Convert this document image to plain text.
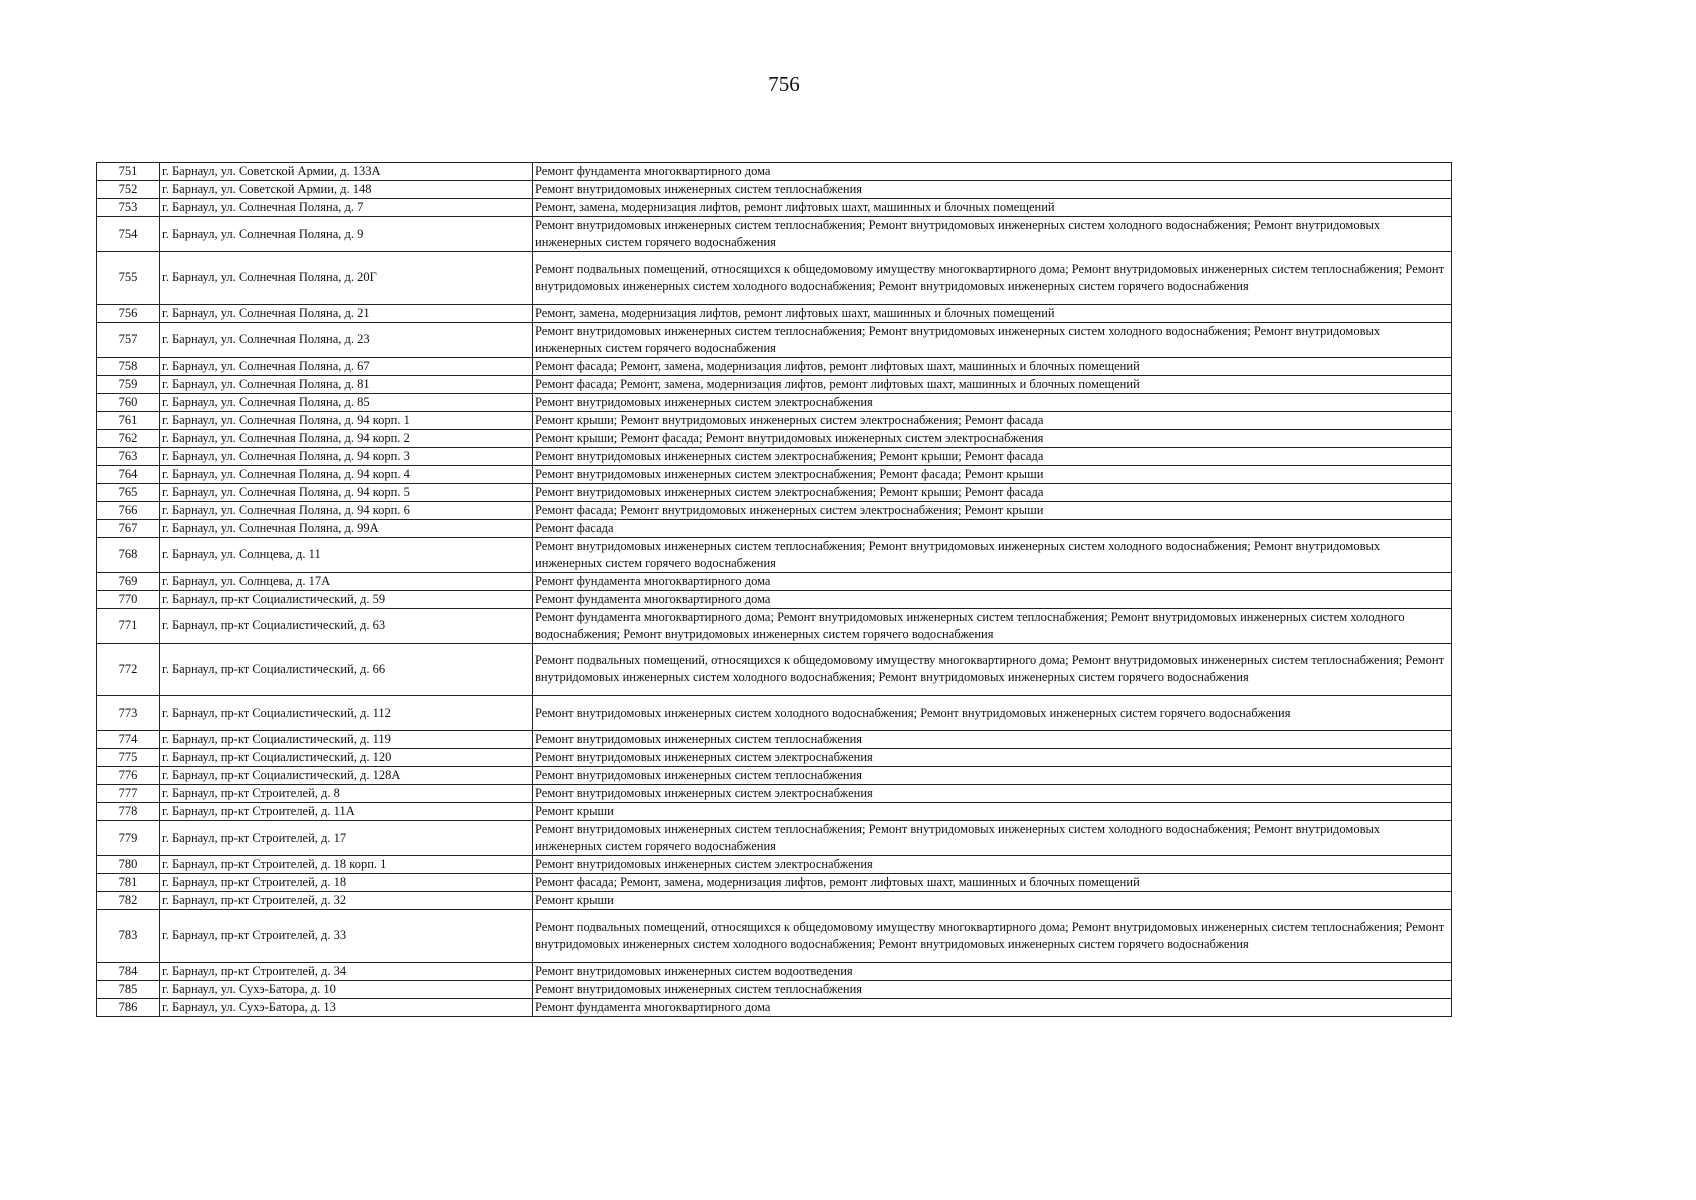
756
751	г. Барнаул, ул. Советской Армии, д. 133А	Ремонт фундамента многоквартирного дома
752	г. Барнаул, ул. Советской Армии, д. 148	Ремонт внутридомовых инженерных систем теплоснабжения
753	г. Барнаул, ул. Солнечная Поляна, д. 7	Ремонт, замена, модернизация лифтов, ремонт лифтовых шахт, машинных и блочных помещений
754	г. Барнаул, ул. Солнечная Поляна, д. 9	Ремонт внутридомовых инженерных систем теплоснабжения; Ремонт внутридомовых инженерных систем холодного водоснабжения; Ремонт внутридомовых инженерных систем горячего водоснабжения
755	г. Барнаул, ул. Солнечная Поляна, д. 20Г	Ремонт подвальных помещений, относящихся к общедомовому имуществу многоквартирного дома; Ремонт внутридомовых инженерных систем теплоснабжения; Ремонт внутридомовых инженерных систем холодного водоснабжения; Ремонт внутридомовых инженерных систем горячего водоснабжения
756	г. Барнаул, ул. Солнечная Поляна, д. 21	Ремонт, замена, модернизация лифтов, ремонт лифтовых шахт, машинных и блочных помещений
757	г. Барнаул, ул. Солнечная Поляна, д. 23	Ремонт внутридомовых инженерных систем теплоснабжения; Ремонт внутридомовых инженерных систем холодного водоснабжения; Ремонт внутридомовых инженерных систем горячего водоснабжения
758	г. Барнаул, ул. Солнечная Поляна, д. 67	Ремонт фасада; Ремонт, замена, модернизация лифтов, ремонт лифтовых шахт, машинных и блочных помещений
759	г. Барнаул, ул. Солнечная Поляна, д. 81	Ремонт фасада; Ремонт, замена, модернизация лифтов, ремонт лифтовых шахт, машинных и блочных помещений
760	г. Барнаул, ул. Солнечная Поляна, д. 85	Ремонт внутридомовых инженерных систем электроснабжения
761	г. Барнаул, ул. Солнечная Поляна, д. 94 корп. 1	Ремонт крыши; Ремонт внутридомовых инженерных систем электроснабжения; Ремонт фасада
762	г. Барнаул, ул. Солнечная Поляна, д. 94 корп. 2	Ремонт крыши; Ремонт фасада; Ремонт внутридомовых инженерных систем электроснабжения
763	г. Барнаул, ул. Солнечная Поляна, д. 94 корп. 3	Ремонт внутридомовых инженерных систем электроснабжения; Ремонт крыши; Ремонт фасада
764	г. Барнаул, ул. Солнечная Поляна, д. 94 корп. 4	Ремонт внутридомовых инженерных систем электроснабжения; Ремонт фасада; Ремонт крыши
765	г. Барнаул, ул. Солнечная Поляна, д. 94 корп. 5	Ремонт внутридомовых инженерных систем электроснабжения; Ремонт крыши; Ремонт фасада
766	г. Барнаул, ул. Солнечная Поляна, д. 94 корп. 6	Ремонт фасада; Ремонт внутридомовых инженерных систем электроснабжения; Ремонт крыши
767	г. Барнаул, ул. Солнечная Поляна, д. 99А	Ремонт фасада
768	г. Барнаул, ул. Солнцева, д. 11	Ремонт внутридомовых инженерных систем теплоснабжения; Ремонт внутридомовых инженерных систем холодного водоснабжения; Ремонт внутридомовых инженерных систем горячего водоснабжения
769	г. Барнаул, ул. Солнцева, д. 17А	Ремонт фундамента многоквартирного дома
770	г. Барнаул, пр-кт Социалистический, д. 59	Ремонт фундамента многоквартирного дома
771	г. Барнаул, пр-кт Социалистический, д. 63	Ремонт фундамента многоквартирного дома; Ремонт внутридомовых инженерных систем теплоснабжения; Ремонт внутридомовых инженерных систем холодного водоснабжения; Ремонт внутридомовых инженерных систем горячего водоснабжения
772	г. Барнаул, пр-кт Социалистический, д. 66	Ремонт подвальных помещений, относящихся к общедомовому имуществу многоквартирного дома; Ремонт внутридомовых инженерных систем теплоснабжения; Ремонт внутридомовых инженерных систем холодного водоснабжения; Ремонт внутридомовых инженерных систем горячего водоснабжения
773	г. Барнаул, пр-кт Социалистический, д. 112	Ремонт внутридомовых инженерных систем холодного водоснабжения; Ремонт внутридомовых инженерных систем горячего водоснабжения
774	г. Барнаул, пр-кт Социалистический, д. 119	Ремонт внутридомовых инженерных систем теплоснабжения
775	г. Барнаул, пр-кт Социалистический, д. 120	Ремонт внутридомовых инженерных систем электроснабжения
776	г. Барнаул, пр-кт Социалистический, д. 128А	Ремонт внутридомовых инженерных систем теплоснабжения
777	г. Барнаул, пр-кт Строителей, д. 8	Ремонт внутридомовых инженерных систем электроснабжения
778	г. Барнаул, пр-кт Строителей, д. 11А	Ремонт крыши
779	г. Барнаул, пр-кт Строителей, д. 17	Ремонт внутридомовых инженерных систем теплоснабжения; Ремонт внутридомовых инженерных систем холодного водоснабжения; Ремонт внутридомовых инженерных систем горячего водоснабжения
780	г. Барнаул, пр-кт Строителей, д. 18 корп. 1	Ремонт внутридомовых инженерных систем электроснабжения
781	г. Барнаул, пр-кт Строителей, д. 18	Ремонт фасада; Ремонт, замена, модернизация лифтов, ремонт лифтовых шахт, машинных и блочных помещений
782	г. Барнаул, пр-кт Строителей, д. 32	Ремонт крыши
783	г. Барнаул, пр-кт Строителей, д. 33	Ремонт подвальных помещений, относящихся к общедомовому имуществу многоквартирного дома; Ремонт внутридомовых инженерных систем теплоснабжения; Ремонт внутридомовых инженерных систем холодного водоснабжения; Ремонт внутридомовых инженерных систем горячего водоснабжения
784	г. Барнаул, пр-кт Строителей, д. 34	Ремонт внутридомовых инженерных систем водоотведения
785	г. Барнаул, ул. Сухэ-Батора, д. 10	Ремонт внутридомовых инженерных систем теплоснабжения
786	г. Барнаул, ул. Сухэ-Батора, д. 13	Ремонт фундамента многоквартирного дома
